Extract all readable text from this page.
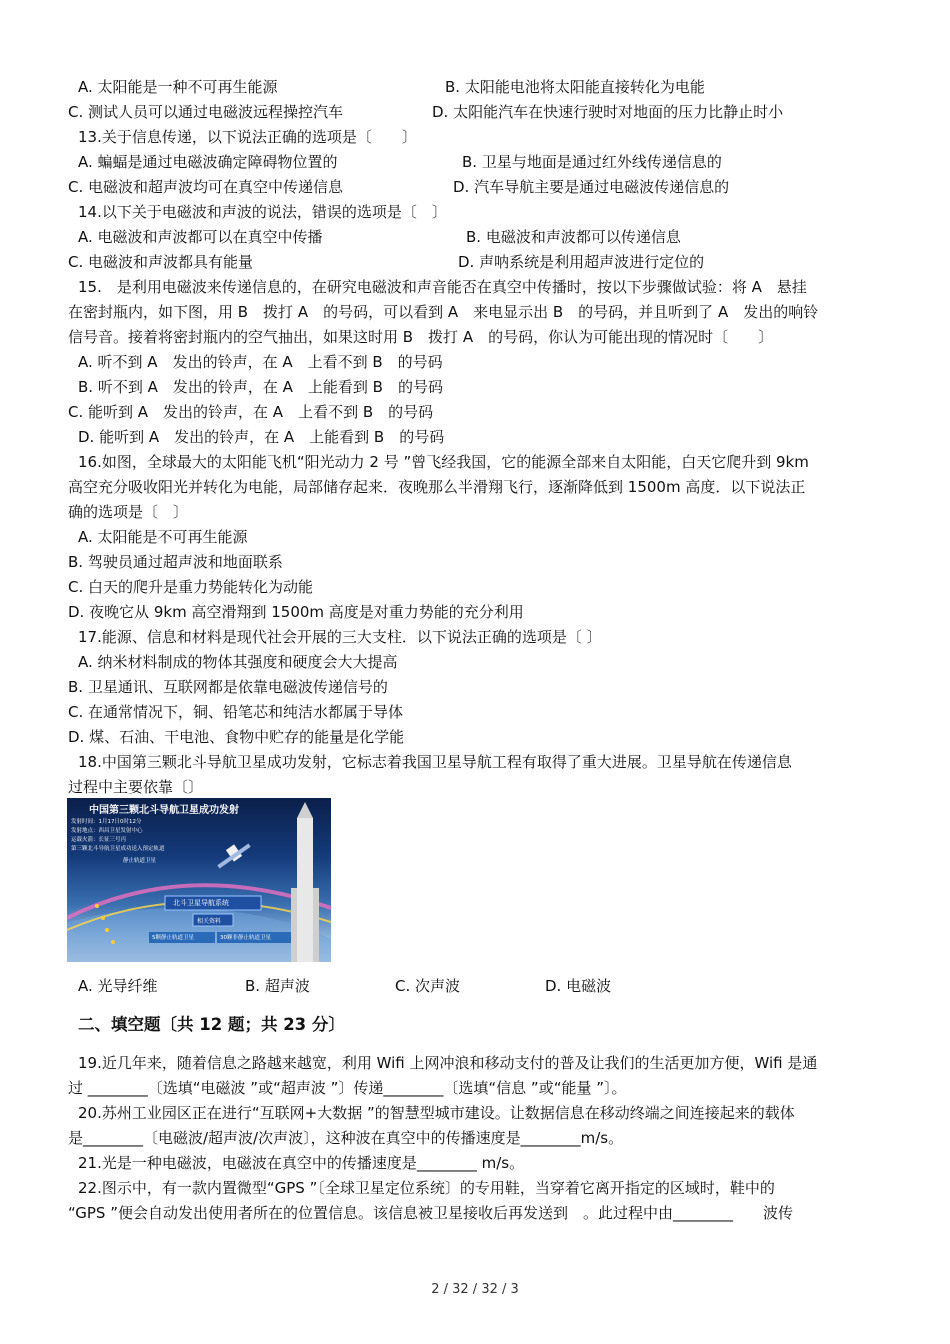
A. 太阳能是一种不可再生能源	B. 太阳能电池将太阳能直接转化为电能
C. 测试人员可以通过电磁波远程操控汽车	D. 太阳能汽车在快速行驶时对地面的压力比静止时小
13.关于信息传递，以下说法正确的选项是〔　　〕
A. 蝙蝠是通过电磁波确定障碍物位置的	B. 卫星与地面是通过红外线传递信息的
C. 电磁波和超声波均可在真空中传递信息	D. 汽车导航主要是通过电磁波传递信息的
14.以下关于电磁波和声波的说法，错误的选项是〔　〕
A. 电磁波和声波都可以在真空中传播	B. 电磁波和声波都可以传递信息
C. 电磁波和声波都具有能量	D. 声呐系统是利用超声波进行定位的
15.　是利用电磁波来传递信息的，在研究电磁波和声音能否在真空中传播时，按以下步骤做试验：将 A　悬挂
在密封瓶内，如下图，用 B　拨打 A　的号码，可以看到 A　来电显示出 B　的号码，并且听到了 A　发出的响铃
信号音。接着将密封瓶内的空气抽出，如果这时用 B　拨打 A　的号码，你认为可能出现的情况时〔　　〕
A. 听不到 A　发出的铃声，在 A　上看不到 B　的号码
B. 听不到 A　发出的铃声，在 A　上能看到 B　的号码
C. 能听到 A　发出的铃声，在 A　上看不到 B　的号码
D. 能听到 A　发出的铃声，在 A　上能看到 B　的号码
16.如图，全球最大的太阳能飞机“阳光动力 2 号 ”曾飞经我国，它的能源全部来自太阳能，白天它爬升到 9km
高空充分吸收阳光并转化为电能，局部储存起来．夜晚那么半滑翔飞行，逐渐降低到 1500m 高度．以下说法正
确的选项是〔　〕
A. 太阳能是不可再生能源
B. 驾驶员通过超声波和地面联系
C. 白天的爬升是重力势能转化为动能
D. 夜晚它从 9km 高空滑翔到 1500m 高度是对重力势能的充分利用
17.能源、信息和材料是现代社会开展的三大支柱．以下说法正确的选项是〔 〕
A. 纳米材料制成的物体其强度和硬度会大大提高
B. 卫星通讯、互联网都是依靠电磁波传递信号的
C. 在通常情况下，铜、铅笔芯和纯洁水都属于导体
D. 煤、石油、干电池、食物中贮存的能量是化学能
18.中国第三颗北斗导航卫星成功发射，它标志着我国卫星导航工程有取得了重大进展。卫星导航在传递信息
过程中主要依靠〔〕
中国第三颗北斗导航卫星成功发射
发射时间：1月17日0时12分
发射地点：西昌卫星发射中心
运载火箭：长征三号丙
第三颗北斗导航卫星成功送入预定轨道
静止轨道卫星
北斗卫星导航系统
相关资料
5颗静止轨道卫星	30颗非静止轨道卫星
A. 光导纤维	B. 超声波	C. 次声波	D. 电磁波
二、填空题〔共 12 题；共 23 分〕
19.近几年来，随着信息之路越来越宽，利用 Wifi 上网冲浪和移动支付的普及让我们的生活更加方便，Wifi 是通
过 ________〔选填“电磁波 ”或“超声波 ”〕传递________〔选填“信息 ”或“能量 ”〕。
20.苏州工业园区正在进行“互联网+大数据 ”的智慧型城市建设。让数据信息在移动终端之间连接起来的载体
是________〔电磁波/超声波/次声波〕，这种波在真空中的传播速度是________m/s。
21.光是一种电磁波，电磁波在真空中的传播速度是________ m/s。
22.图示中，有一款内置微型“GPS ”〔全球卫星定位系统〕的专用鞋，当穿着它离开指定的区域时，鞋中的
“GPS ”便会自动发出使用者所在的位置信息。该信息被卫星接收后再发送到　。此过程中由________　　波传
2 / 32 / 32 / 3
